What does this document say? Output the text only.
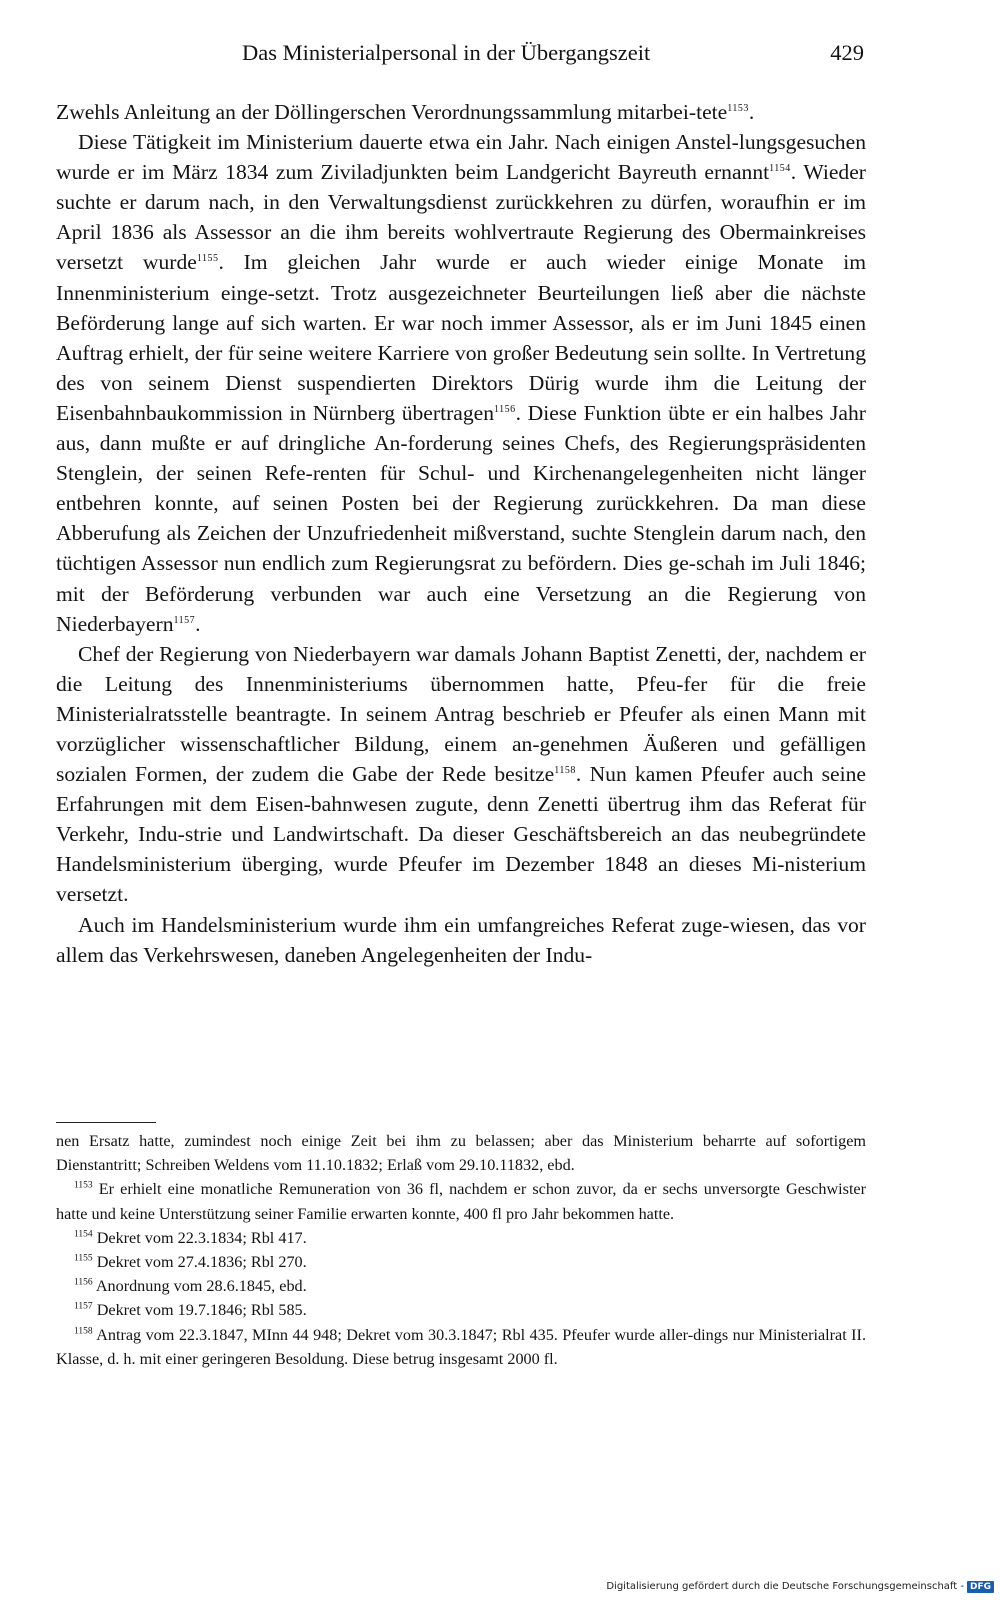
Das Ministerialpersonal in der Übergangszeit	429

Zwehls Anleitung an der Döllingerschen Verordnungssammlung mitarbei-tete$^{1153}$.

Diese Tätigkeit im Ministerium dauerte etwa ein Jahr. Nach einigen Anstel-lungsgesuchen wurde er im März 1834 zum Ziviladjunkten beim Landgericht Bayreuth ernannt$^{1154}$. Wieder suchte er darum nach, in den Verwaltungsdienst zurückkehren zu dürfen, woraufhin er im April 1836 als Assessor an die ihm bereits wohlvertraute Regierung des Obermainkreises versetzt wurde$^{1155}$. Im gleichen Jahr wurde er auch wieder einige Monate im Innenministerium einge-setzt. Trotz ausgezeichneter Beurteilungen ließ aber die nächste Beförderung lange auf sich warten. Er war noch immer Assessor, als er im Juni 1845 einen Auftrag erhielt, der für seine weitere Karriere von großer Bedeutung sein sollte. In Vertretung des von seinem Dienst suspendierten Direktors Dürig wurde ihm die Leitung der Eisenbahnbaukommission in Nürnberg übertragen$^{1156}$. Diese Funktion übte er ein halbes Jahr aus, dann mußte er auf dringliche An-forderung seines Chefs, des Regierungspräsidenten Stenglein, der seinen Refe-renten für Schul- und Kirchenangelegenheiten nicht länger entbehren konnte, auf seinen Posten bei der Regierung zurückkehren. Da man diese Abberufung als Zeichen der Unzufriedenheit mißverstand, suchte Stenglein darum nach, den tüchtigen Assessor nun endlich zum Regierungsrat zu befördern. Dies ge-schah im Juli 1846; mit der Beförderung verbunden war auch eine Versetzung an die Regierung von Niederbayern$^{1157}$.

Chef der Regierung von Niederbayern war damals Johann Baptist Zenetti, der, nachdem er die Leitung des Innenministeriums übernommen hatte, Pfeu-fer für die freie Ministerialratsstelle beantragte. In seinem Antrag beschrieb er Pfeufer als einen Mann mit vorzüglicher wissenschaftlicher Bildung, einem an-genehmen Äußeren und gefälligen sozialen Formen, der zudem die Gabe der Rede besitze$^{1158}$. Nun kamen Pfeufer auch seine Erfahrungen mit dem Eisen-bahnwesen zugute, denn Zenetti übertrug ihm das Referat für Verkehr, Indu-strie und Landwirtschaft. Da dieser Geschäftsbereich an das neubegründete Handelsministerium überging, wurde Pfeufer im Dezember 1848 an dieses Mi-nisterium versetzt.

Auch im Handelsministerium wurde ihm ein umfangreiches Referat zuge-wiesen, das vor allem das Verkehrswesen, daneben Angelegenheiten der Indu-

nen Ersatz hatte, zumindest noch einige Zeit bei ihm zu belassen; aber das Ministerium beharrte auf sofortigem Dienstantritt; Schreiben Weldens vom 11.10.1832; Erlaß vom 29.10.11832, ebd.

$^{1153}$ Er erhielt eine monatliche Remuneration von 36 fl, nachdem er schon zuvor, da er sechs unversorgte Geschwister hatte und keine Unterstützung seiner Familie erwarten konnte, 400 fl pro Jahr bekommen hatte.

$^{1154}$ Dekret vom 22.3.1834; Rbl 417.

$^{1155}$ Dekret vom 27.4.1836; Rbl 270.

$^{1156}$ Anordnung vom 28.6.1845, ebd.

$^{1157}$ Dekret vom 19.7.1846; Rbl 585.

$^{1158}$ Antrag vom 22.3.1847, MInn 44 948; Dekret vom 30.3.1847; Rbl 435. Pfeufer wurde aller-dings nur Ministerialrat II. Klasse, d. h. mit einer geringeren Besoldung. Diese betrug insgesamt 2000 fl.

Digitalisierung gefördert durch die Deutsche Forschungsgemeinschaft - DFG
